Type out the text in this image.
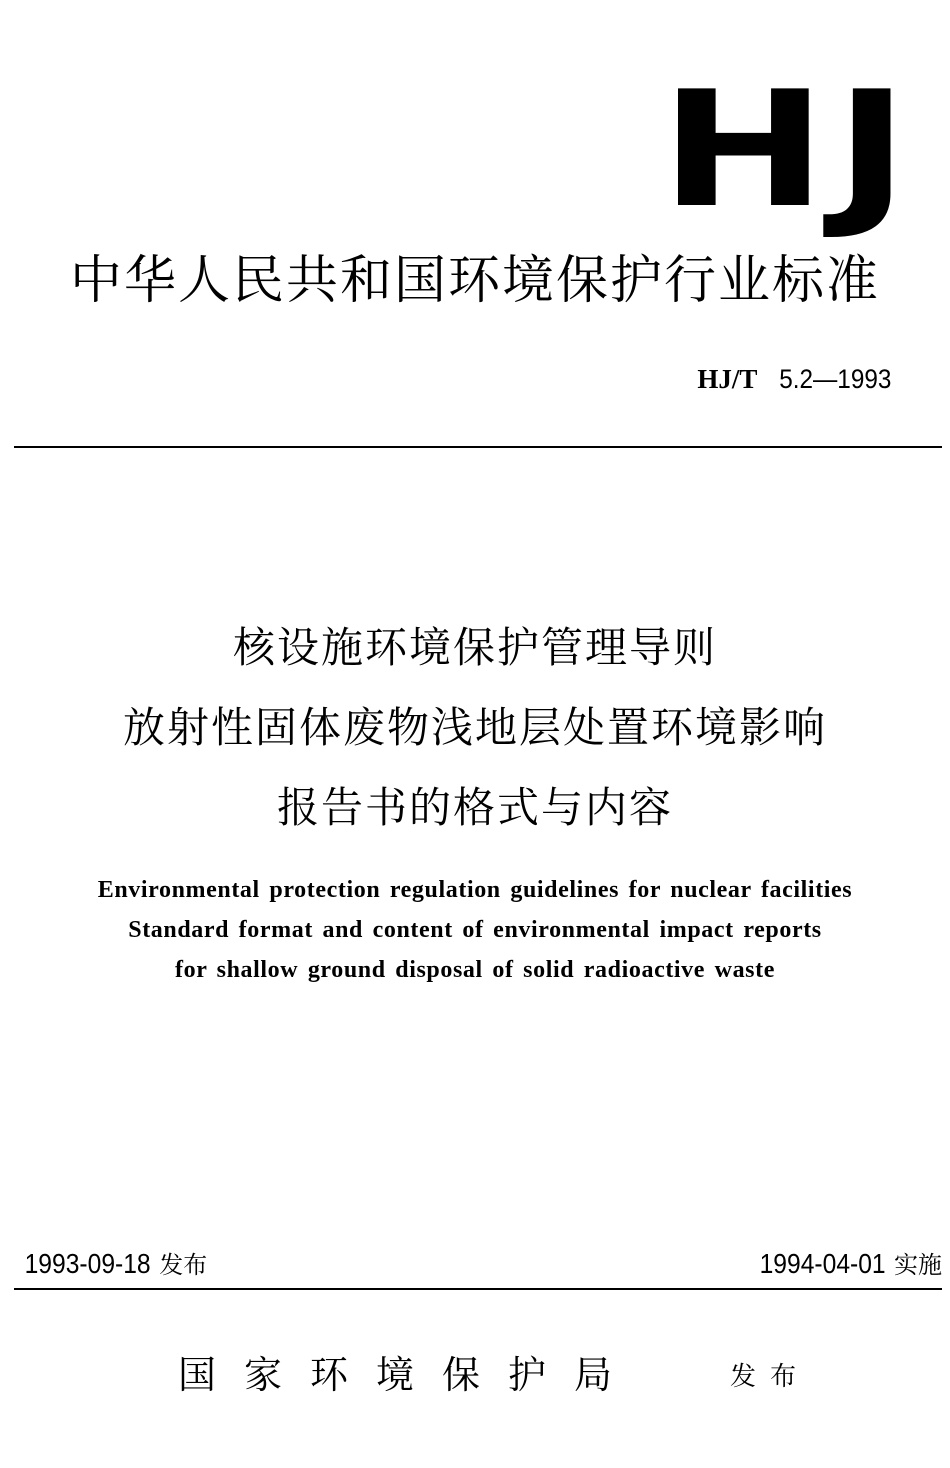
HJ
中华人民共和国环境保护行业标准
HJ/T 5.2—1993
核设施环境保护管理导则
放射性固体废物浅地层处置环境影响
报告书的格式与内容
Environmental protection regulation guidelines for nuclear facilities
Standard format and content of environmental impact reports
for shallow ground disposal of solid radioactive waste
1993-09-18 发布	1994-04-01 实施
国家环境保护局	发布
